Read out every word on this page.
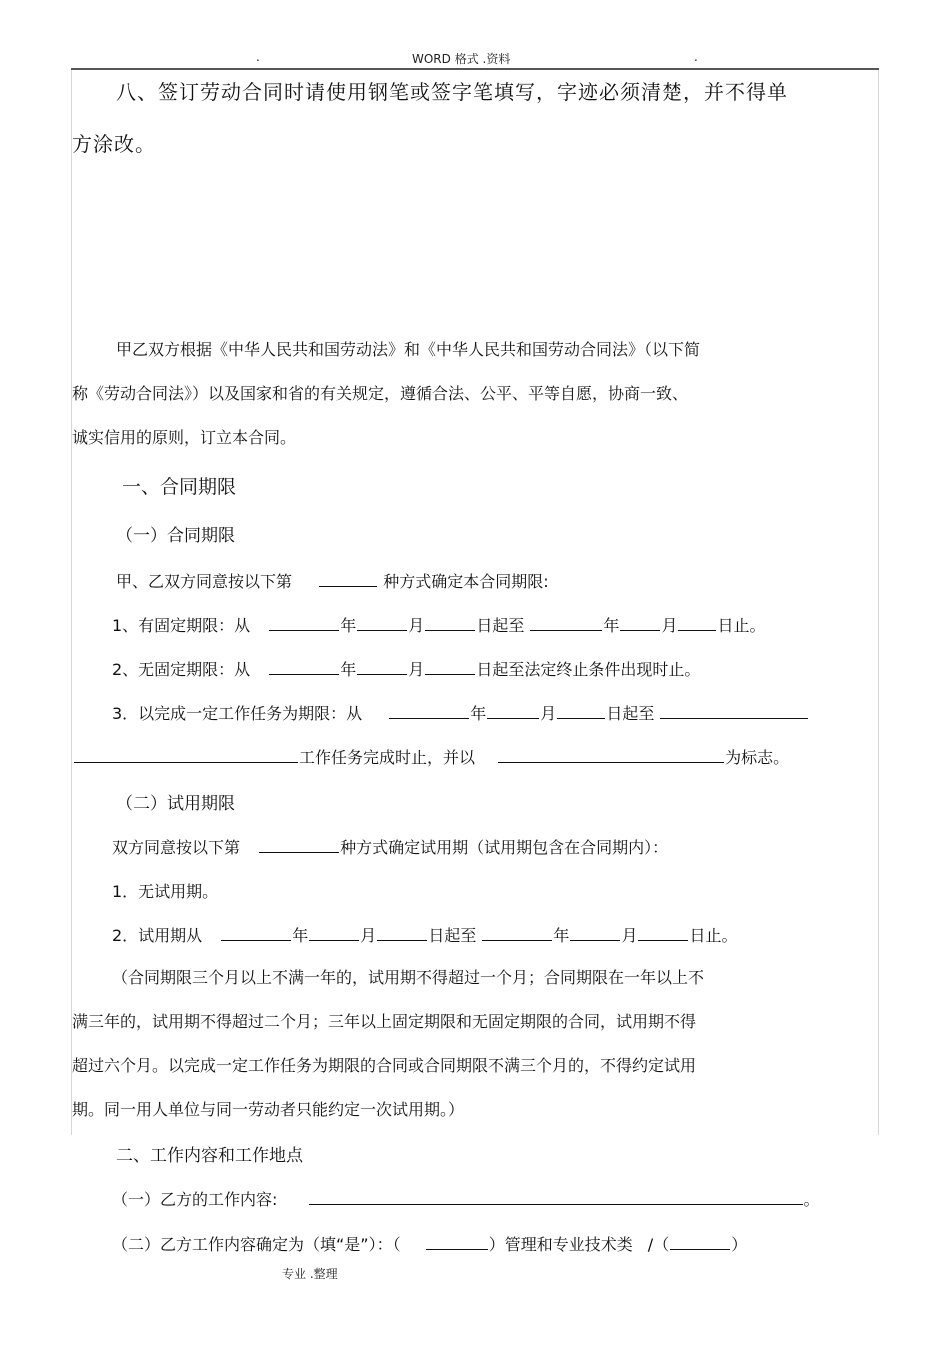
.	WORD 格式 .资料	.
八、签订劳动合同时请使用钢笔或签字笔填写，字迹必须清楚，并不得单
方涂改。
甲乙双方根据《中华人民共和国劳动法》和《中华人民共和国劳动合同法》（以下简
称《劳动合同法》）以及国家和省的有关规定，遵循合法、公平、平等自愿，协商一致、
诚实信用的原则，订立本合同。
一、合同期限
（一）合同期限
甲、乙双方同意按以下第	种方式确定本合同期限:
1、有固定期限：从	年	月	日起至	年	月	日止。
2、无固定期限：从	年	月	日起至法定终止条件出现时止。
3．以完成一定工作任务为期限：从	年	月	日起至
工作任务完成时止，并以	为标志。
（二）试用期限
双方同意按以下第	种方式确定试用期（试用期包含在合同期内）：
1．无试用期。
2．试用期从	年	月	日起至	年	月	日止。
（合同期限三个月以上不满一年的，试用期不得超过一个月；合同期限在一年以上不
满三年的，试用期不得超过二个月；三年以上固定期限和无固定期限的合同，试用期不得
超过六个月。以完成一定工作任务为期限的合同或合同期限不满三个月的，不得约定试用
期。同一用人单位与同一劳动者只能约定一次试用期。）
二、工作内容和工作地点
（一）乙方的工作内容:	。
（二）乙方工作内容确定为（填“是”）：（	）管理和专业技术类 /（	）
专业 .整理
